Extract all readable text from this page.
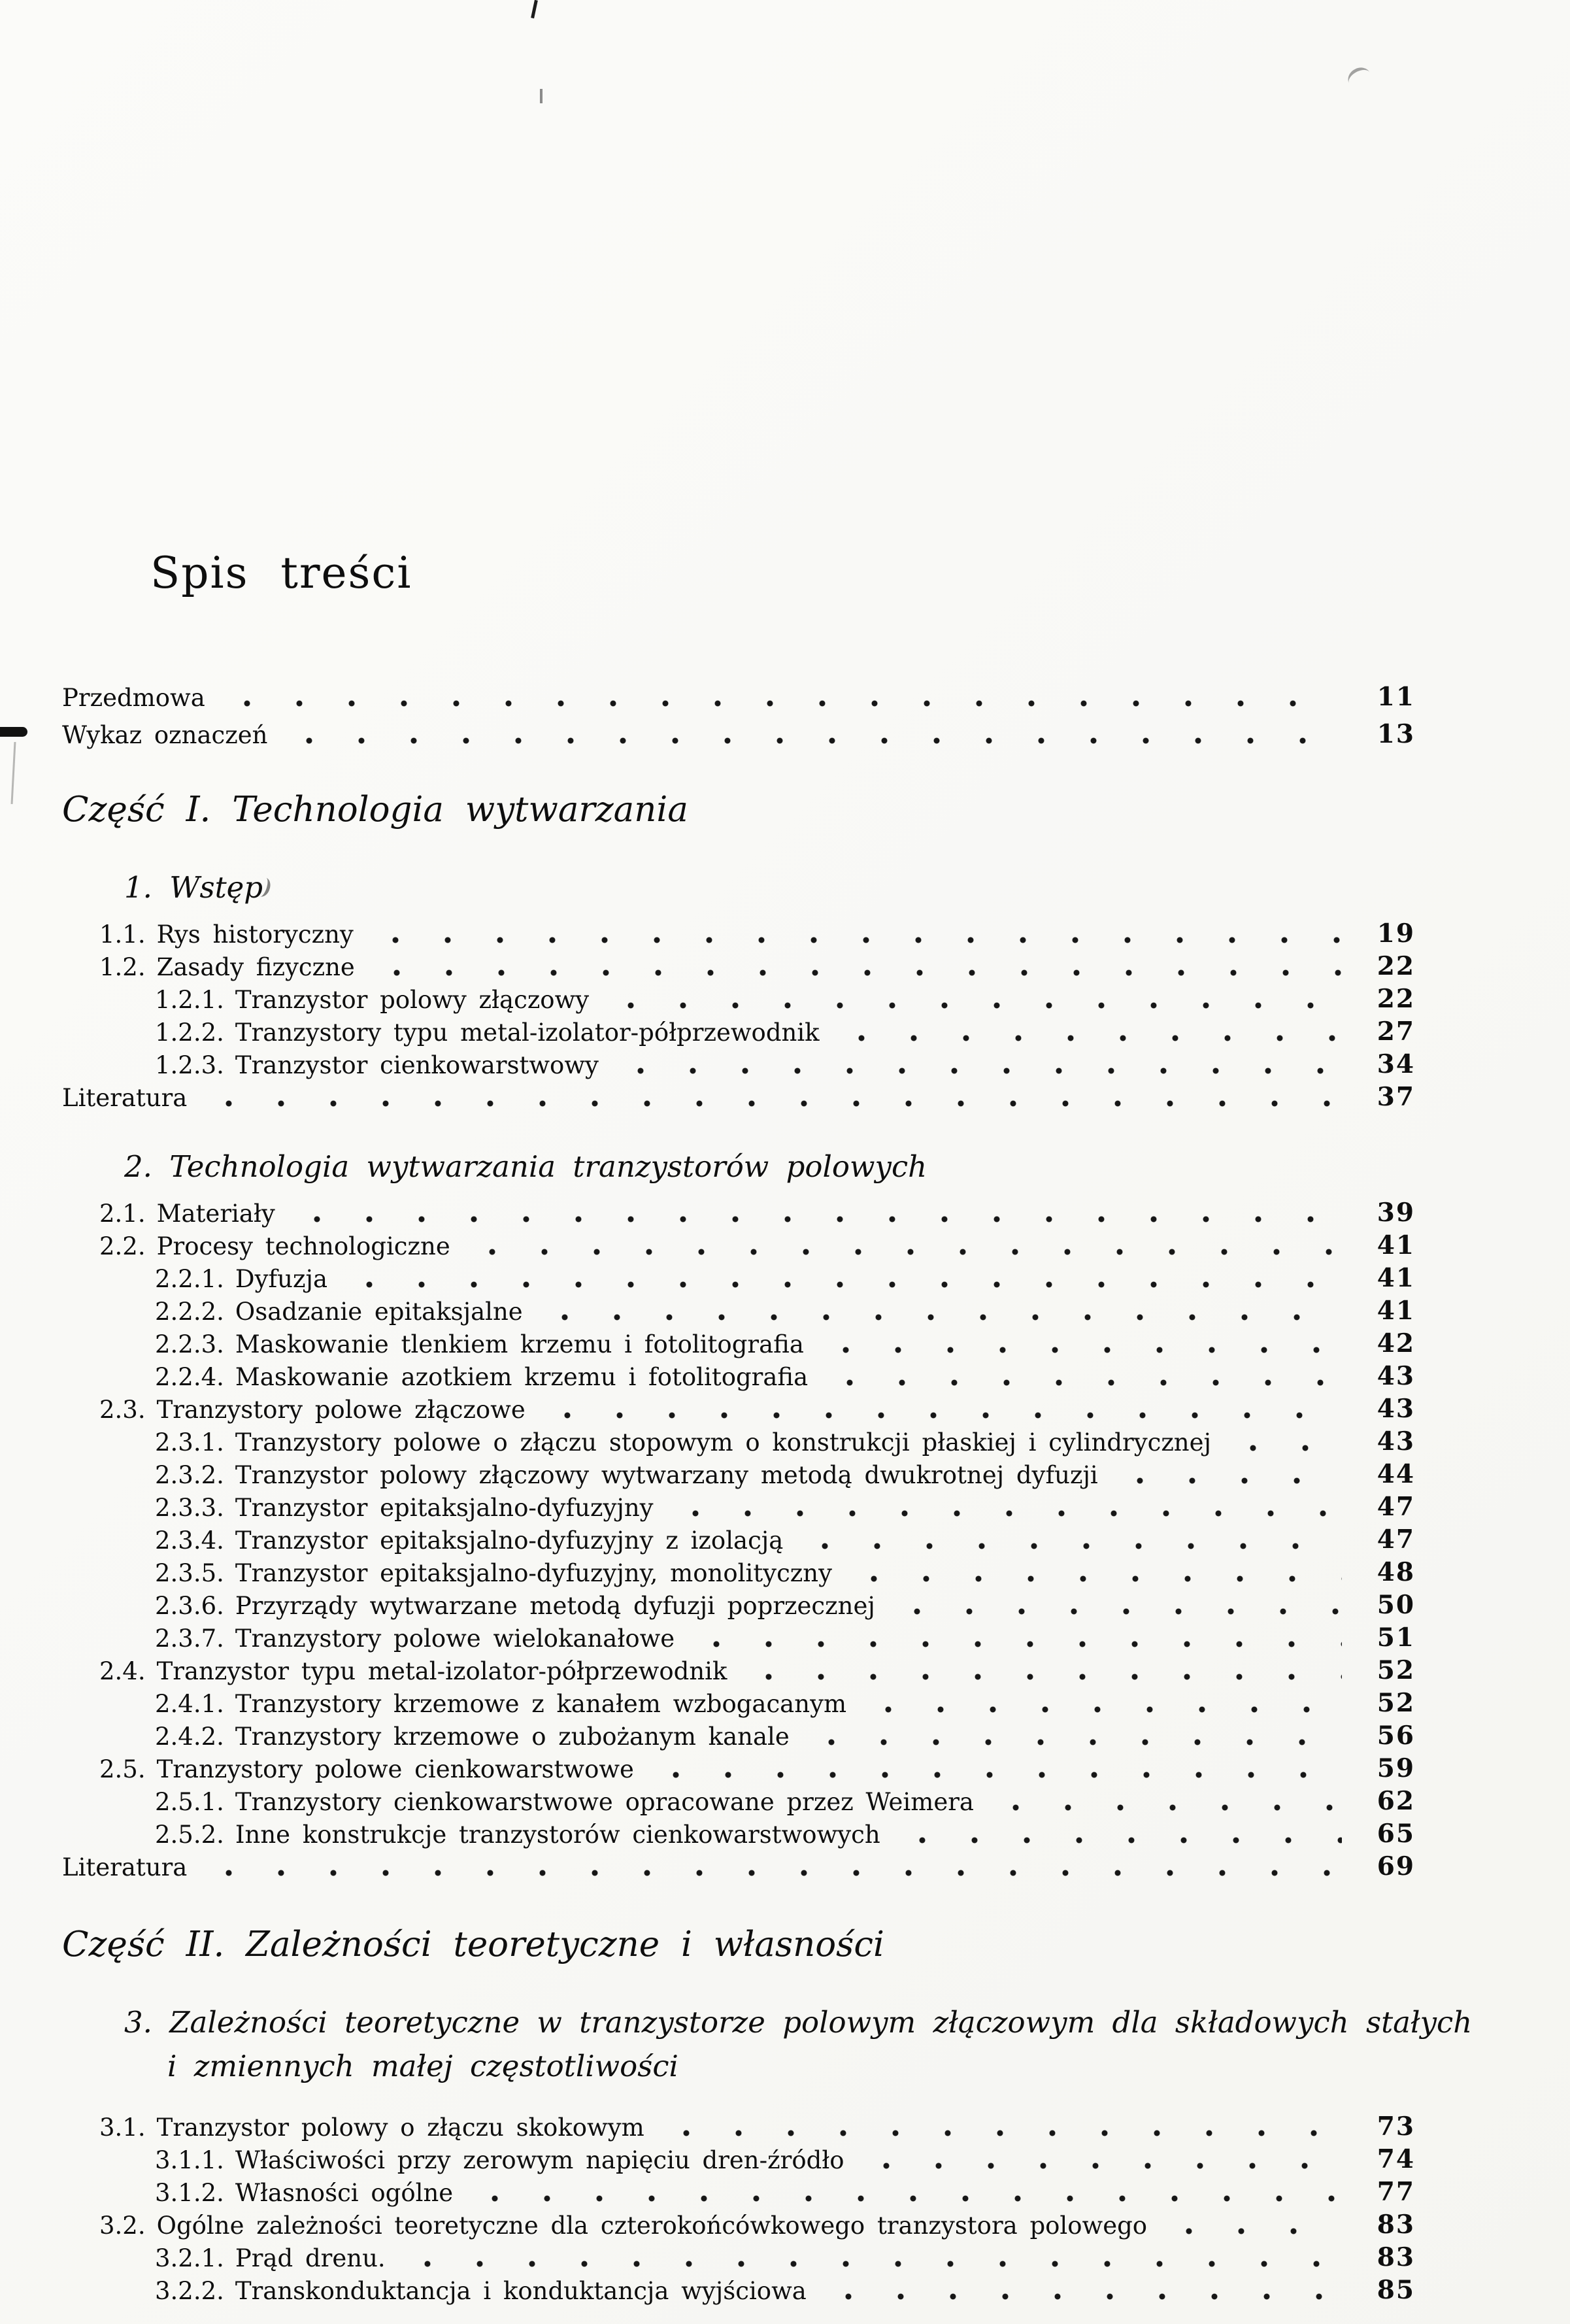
Spis treści
Przedmowa	11
Wykaz oznaczeń	13
Część I. Technologia wytwarzania
1. Wstęp
1.1. Rys historyczny	19
1.2. Zasady fizyczne	22
1.2.1. Tranzystor polowy złączowy	22
1.2.2. Tranzystory typu metal-izolator-półprzewodnik	27
1.2.3. Tranzystor cienkowarstwowy	34
Literatura	37
2. Technologia wytwarzania tranzystorów polowych
2.1. Materiały	39
2.2. Procesy technologiczne	41
2.2.1. Dyfuzja	41
2.2.2. Osadzanie epitaksjalne	41
2.2.3. Maskowanie tlenkiem krzemu i fotolitografia	42
2.2.4. Maskowanie azotkiem krzemu i fotolitografia	43
2.3. Tranzystory polowe złączowe	43
2.3.1. Tranzystory polowe o złączu stopowym o konstrukcji płaskiej i cylindrycznej	43
2.3.2. Tranzystor polowy złączowy wytwarzany metodą dwukrotnej dyfuzji	44
2.3.3. Tranzystor epitaksjalno-dyfuzyjny	47
2.3.4. Tranzystor epitaksjalno-dyfuzyjny z izolacją	47
2.3.5. Tranzystor epitaksjalno-dyfuzyjny, monolityczny	48
2.3.6. Przyrządy wytwarzane metodą dyfuzji poprzecznej	50
2.3.7. Tranzystory polowe wielokanałowe	51
2.4. Tranzystor typu metal-izolator-półprzewodnik	52
2.4.1. Tranzystory krzemowe z kanałem wzbogacanym	52
2.4.2. Tranzystory krzemowe o zubożanym kanale	56
2.5. Tranzystory polowe cienkowarstwowe	59
2.5.1. Tranzystory cienkowarstwowe opracowane przez Weimera	62
2.5.2. Inne konstrukcje tranzystorów cienkowarstwowych	65
Literatura	69
Część II. Zależności teoretyczne i własności
3. Zależności teoretyczne w tranzystorze polowym złączowym dla składowych stałych
i zmiennych małej częstotliwości
3.1. Tranzystor polowy o złączu skokowym	73
3.1.1. Właściwości przy zerowym napięciu dren-źródło	74
3.1.2. Własności ogólne	77
3.2. Ogólne zależności teoretyczne dla czterokońcówkowego tranzystora polowego	83
3.2.1. Prąd drenu.	83
3.2.2. Transkonduktancja i konduktancja wyjściowa	85
